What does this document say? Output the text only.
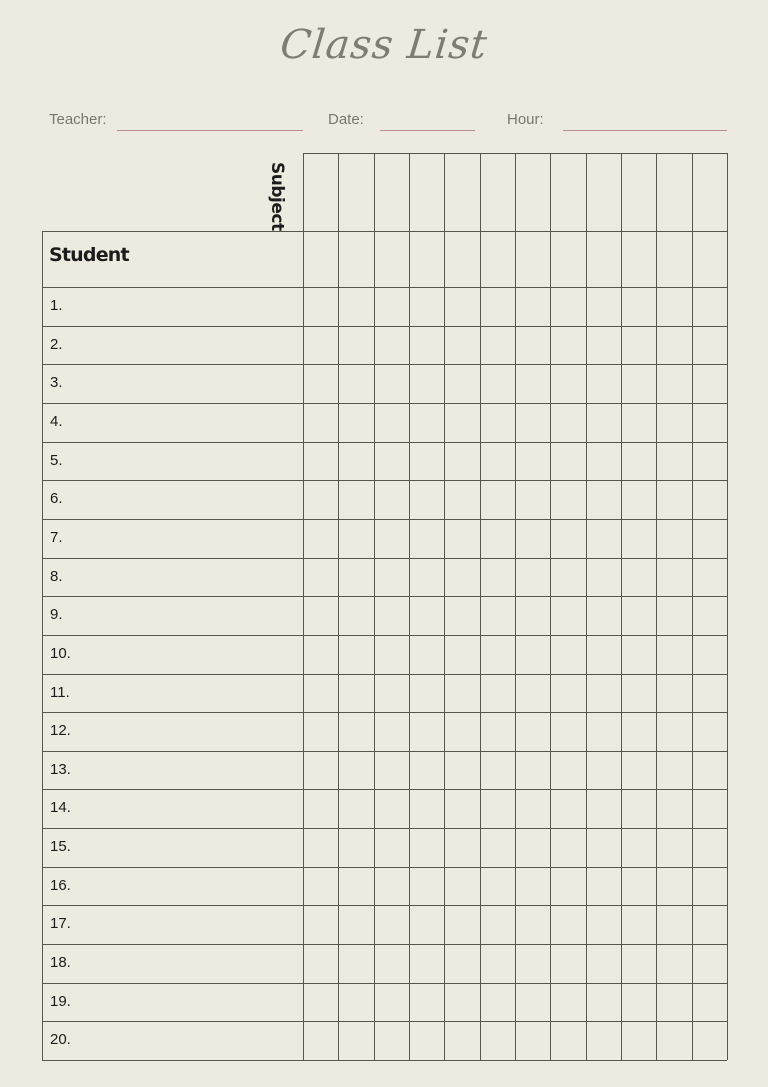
Class List
Teacher:	Date:	Hour:
Subject
Student
1.
2.
3.
4.
5.
6.
7.
8.
9.
10.
11.
12.
13.
14.
15.
16.
17.
18.
19.
20.
